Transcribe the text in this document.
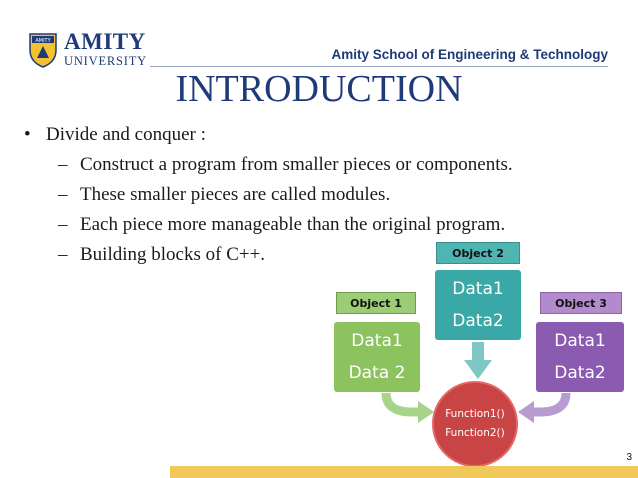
AMITY AMITY
UNIVERSITY	Amity School of Engineering & Technology
INTRODUCTION
• Divide and conquer :
– Construct a program from smaller pieces or components.
– These smaller pieces are called modules.
– Each piece more manageable than the original program.
– Building blocks of C++.
Object 1
Data1
Data 2
Object 2
Data1
Data2
Object 3
Data1
Data2
Function1()
Function2()
3
